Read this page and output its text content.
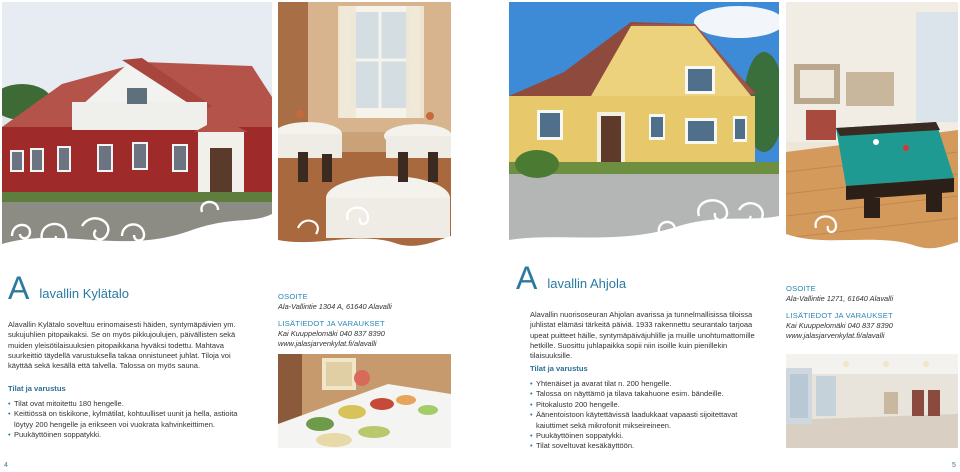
A $_{lavallin Kylätalo}$

Alavallin Kylätalo soveltuu erinomaisesti häiden, syntymäpäivien ym. sukujuhlien pitopaikaksi. Se on myös pikkujoulujen, päivällisten sekä muiden yleisötilaisuuksien pitopaikkana hyväksi todettu. Mahtava suurkeittiö täydellä varustuksella takaa onnistuneet juhlat. Tiloja voi käyttää sekä kesällä että talvella. Talossa on myös sauna.

Tilat ja varustus
• Tilat ovat mitoitettu 180 hengelle.
• Keittiössä on tiskikone, kylmätilat, kohtuulliset uunit ja hella, astioita löytyy 200 hengelle ja erikseen voi vuokrata kahvinkeittimen.
• Puukäyttöinen soppatykki.
OSOITE
Ala-Vallintie 1304 A, 61640 Alavalli
LISÄTIEDOT JA VARAUKSET
Kai Kuuppelomäki 040 837 8390
www.jalasjarvenkylat.fi/alavalli
4
A $_{lavallin Ahjola}$

Alavallin nuorisoseuran Ahjolan avarissa ja tunnelmallisissa tiloissa juhlistat elämäsi tärkeitä päiviä. 1933 rakennettu seurantalo tarjoaa upeat puitteet häille, syntymäpäiväjuhlille ja muille unohtumattomille hetkille. Suosittu juhlapaikka sopii niin isoille kuin pienillekin tilaisuuksille.

Tilat ja varustus
• Yhtenäiset ja avarat tilat n. 200 hengelle.
• Talossa on näyttämö ja tilava takahuone esim. bändeille.
• Pitokalusto 200 hengelle.
• Äänentoistoon käytettävissä laadukkaat vapaasti sijoitettavat kaiuttimet sekä mikrofonit mikseireineen.
• Puukäyttöinen soppatykki.
• Tilat soveltuvat kesäkäyttöön.
OSOITE
Ala-Vallintie 1271, 61640 Alavalli
LISÄTIEDOT JA VARAUKSET
Kai Kuuppelomäki 040 837 8390
www.jalasjarvenkylat.fi/alavalli
5
